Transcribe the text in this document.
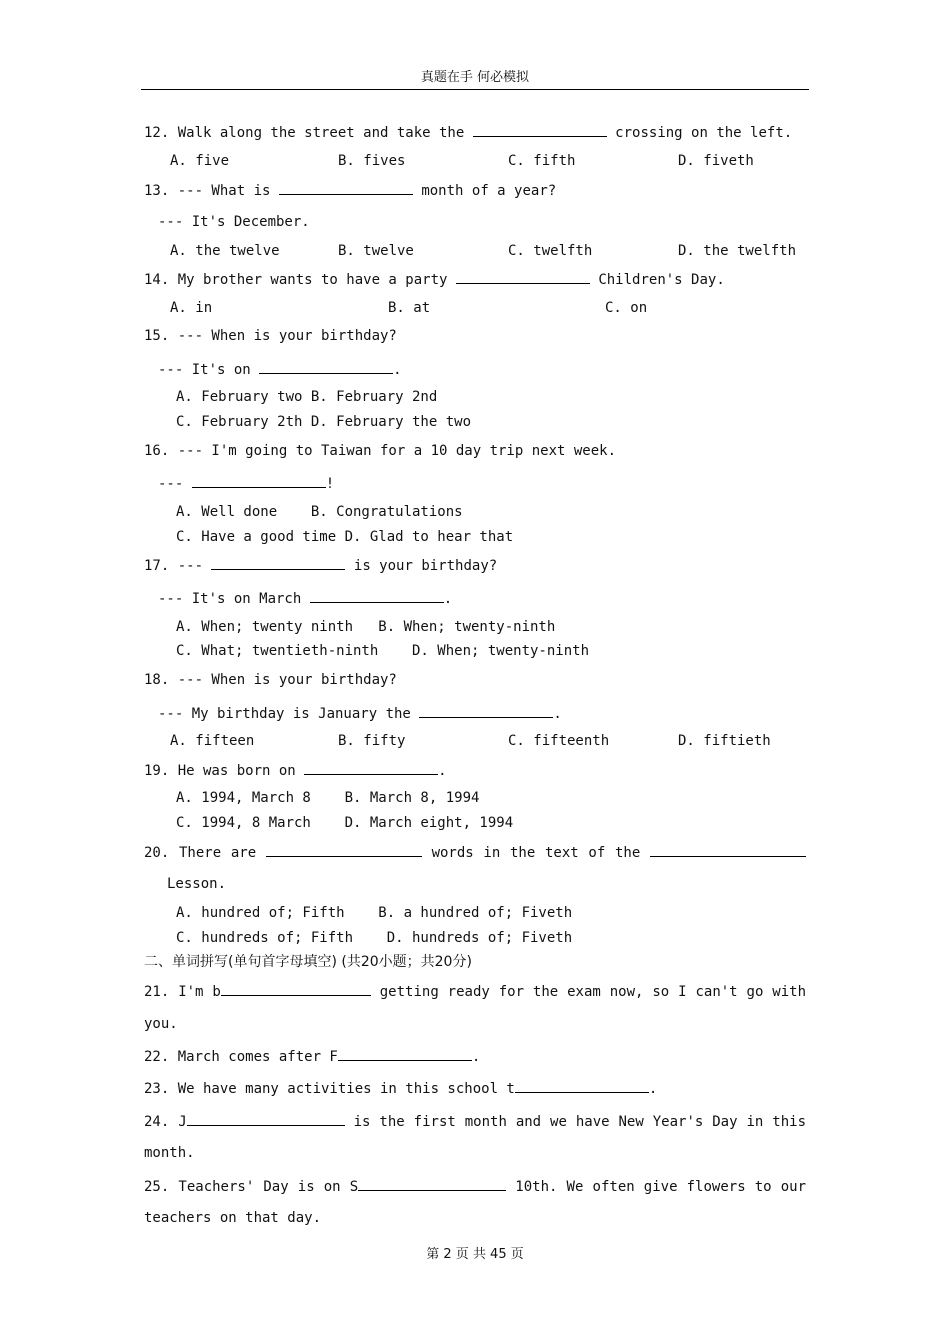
真题在手 何必模拟
12. Walk along the street and take the	crossing on the left.
A. five	B. fives	C. fifth	D. fiveth
13. --- What is	month of a year?
--- It's December.
A. the twelve	B. twelve	C. twelfth	D. the twelfth
14. My brother wants to have a party	Children's Day.
A. in	B. at	C. on
15. --- When is your birthday?
--- It's on	.
A. February two B. February 2nd
C. February 2th D. February the two
16. --- I'm going to Taiwan for a 10 day trip next week.
---	!
A. Well done    B. Congratulations
C. Have a good time D. Glad to hear that
17. ---	is your birthday?
--- It's on March	.
A. When; twenty ninth   B. When; twenty-ninth
C. What; twentieth-ninth    D. When; twenty-ninth
18. --- When is your birthday?
--- My birthday is January the	.
A. fifteen	B. fifty	C. fifteenth	D. fiftieth
19. He was born on	.
A. 1994, March 8    B. March 8, 1994
C. 1994, 8 March    D. March eight, 1994
20. There are	words in the text of the
Lesson.
A. hundred of; Fifth    B. a hundred of; Fiveth
C. hundreds of; Fifth    D. hundreds of; Fiveth
二、单词拼写(单句首字母填空) (共20小题；共20分)
21. I'm b	getting ready for the exam now, so I can't go with
you.
22. March comes after F	.
23. We have many activities in this school t	.
24. J	is the first month and we have New Year's Day in this
month.
25. Teachers' Day is on S	10th. We often give flowers to our
teachers on that day.
第 2 页 共 45 页
